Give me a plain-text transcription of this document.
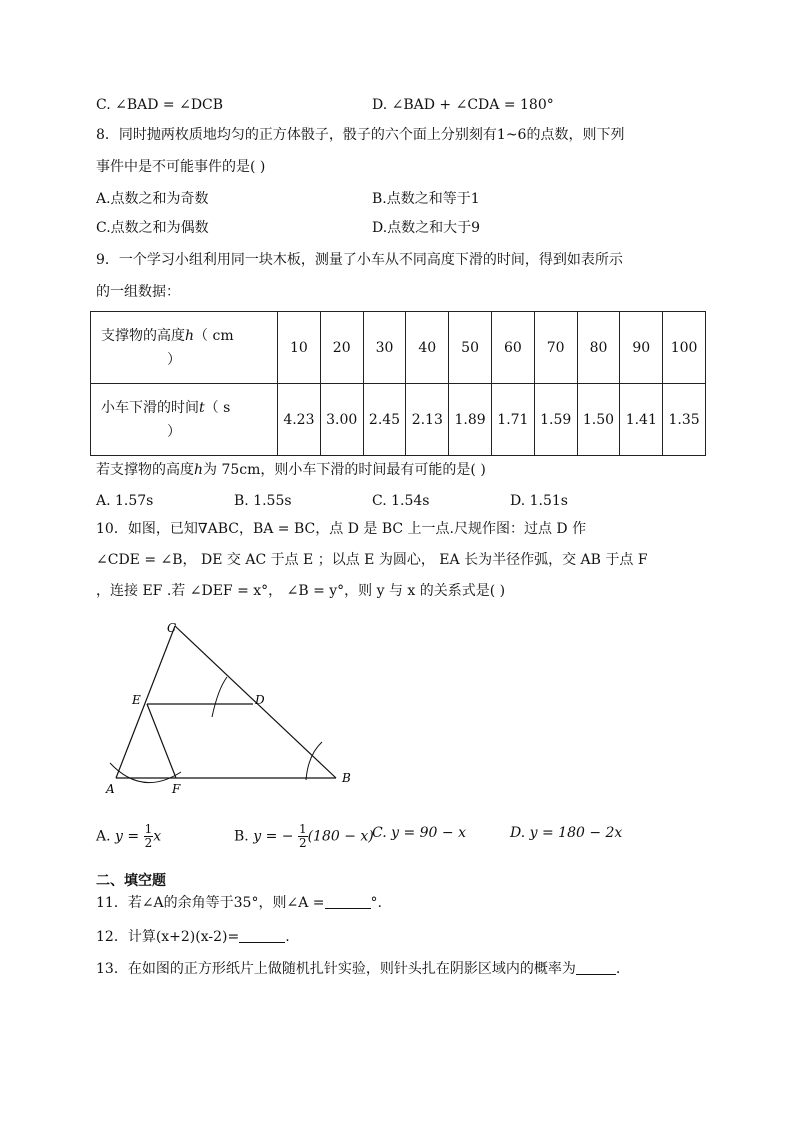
C. ∠BAD = ∠DCB	D. ∠BAD + ∠CDA = 180°
8．同时抛两枚质地均匀的正方体骰子，骰子的六个面上分别刻有1~6的点数，则下列
事件中是不可能事件的是( )
A.点数之和为奇数	B.点数之和等于1
C.点数之和为偶数	D.点数之和大于9
9．一个学习小组利用同一块木板，测量了小车从不同高度下滑的时间，得到如表所示
的一组数据：
支撑物的高度h（ cm
）	10	20	30	40	50	60	70	80	90	100
小车下滑的时间t（ s
）	4.23	3.00	2.45	2.13	1.89	1.71	1.59	1.50	1.41	1.35
若支撑物的高度h为 75cm，则小车下滑的时间最有可能的是( )
A. 1.57s	B. 1.55s	C. 1.54s	D. 1.51s
10．如图，已知∇ABC，BA = BC，点 D 是 BC 上一点.尺规作图：过点 D 作
∠CDE = ∠B， DE 交 AC 于点 E ；以点 E 为圆心， EA 长为半径作弧，交 AB 于点 F
，连接 EF .若 ∠DEF = x°， ∠B = y°，则 y 与 x 的关系式是( )
C
E	D
A	F
B
A. $y = \frac{1}{2}$ x	B. y = − $\frac{1}{2} (180 - x)$
C. y = 90 − x	D. y = 180 − 2x
二、填空题
11．若∠A的余角等于35°，则∠A =	°.
12．计算(x+2)(x-2)=	.
13．在如图的正方形纸片上做随机扎针实验，则针头扎在阴影区域内的概率为	.
